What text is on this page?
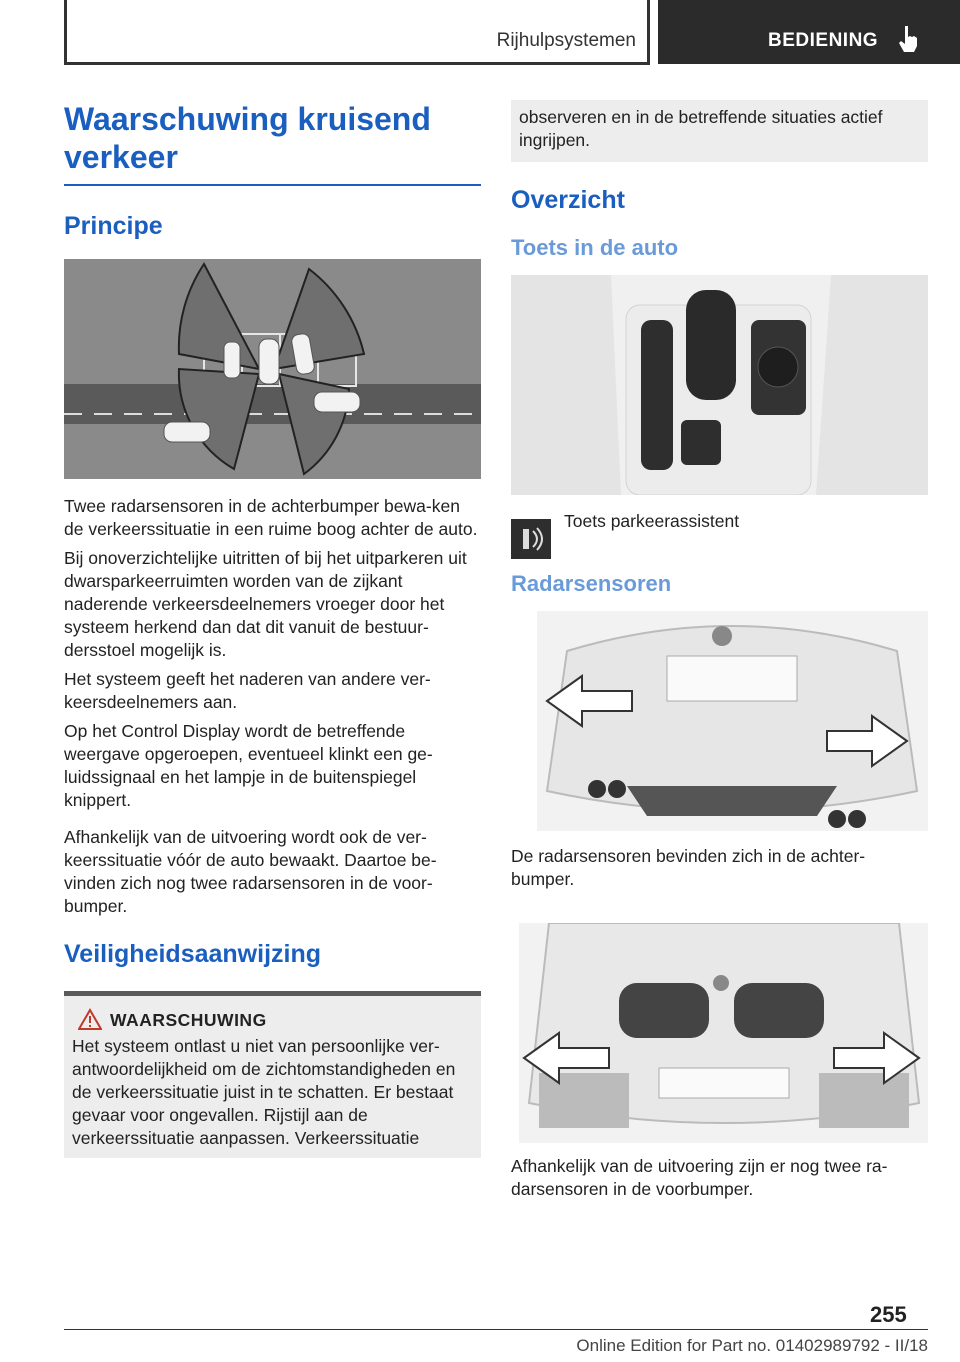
Rijhulpsystemen	BEDIENING
Waarschuwing kruisend verkeer
Principe

Twee radarsensoren in de achterbumper bewa-ken de verkeerssituatie in een ruime boog achter de auto.

Bij onoverzichtelijke uitritten of bij het uitparkeren uit dwarsparkeerruimten worden van de zijkant naderende verkeersdeelnemers vroeger door het systeem herkend dan dat dit vanuit de bestuur-dersstoel mogelijk is.

Het systeem geeft het naderen van andere ver-keersdeelnemers aan.

Op het Control Display wordt de betreffende weergave opgeroepen, eventueel klinkt een ge-luidssignaal en het lampje in de buitenspiegel knippert.

Afhankelijk van de uitvoering wordt ook de ver-keerssituatie vóór de auto bewaakt. Daartoe be-vinden zich nog twee radarsensoren in de voor-bumper.

Veiligheidsaanwijzing
WAARSCHUWING

Het systeem ontlast u niet van persoonlijke ver-antwoordelijkheid om de zichtomstandigheden en de verkeerssituatie juist in te schatten. Er bestaat gevaar voor ongevallen. Rijstijl aan de verkeerssituatie aanpassen. Verkeerssituatie

observeren en in de betreffende situaties actief ingrijpen.

Overzicht
Toets in de auto
Toets parkeerassistent
Radarsensoren

De radarsensoren bevinden zich in de achter-bumper.

Afhankelijk van de uitvoering zijn er nog twee ra-darsensoren in de voorbumper.

255
Online Edition for Part no. 01402989792 - II/18
